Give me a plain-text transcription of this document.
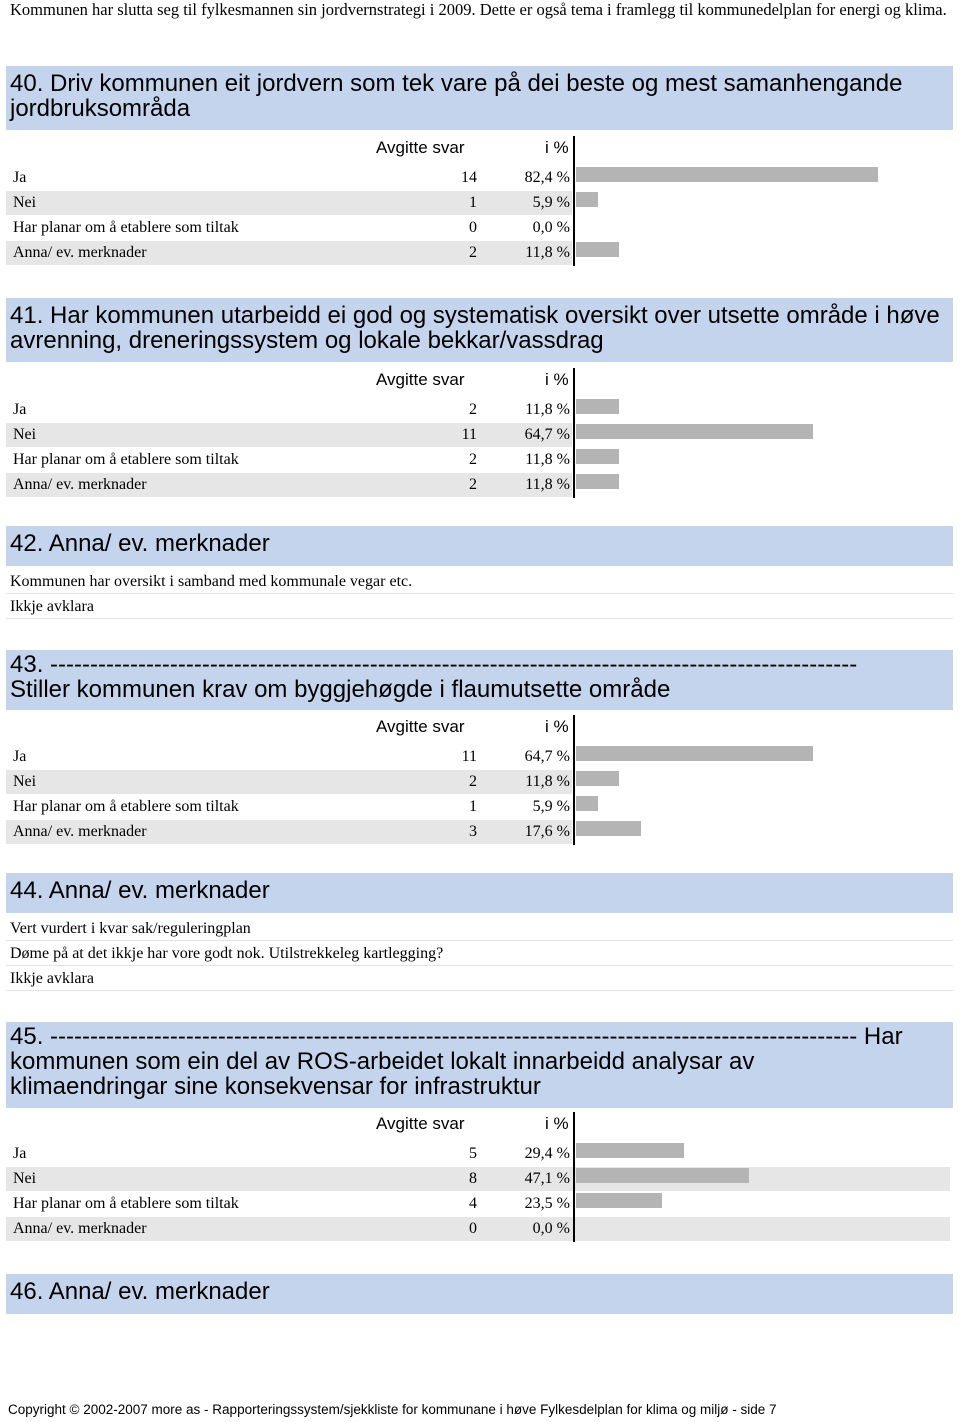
Kommunen har slutta seg til fylkesmannen sin jordvernstrategi i 2009. Dette er også tema i framlegg til kommunedelplan for energi og klima.
40. Driv kommunen eit jordvern som tek vare på dei beste og mest samanhengande jordbruksområda
Avgitte svar	i %
Ja	14	82,4 %
Nei	1	5,9 %
Har planar om å etablere som tiltak	0	0,0 %
Anna/ ev. merknader	2	11,8 %
41. Har kommunen utarbeidd ei god og systematisk oversikt over utsette område i høve avrenning, dreneringssystem og lokale bekkar/vassdrag
Avgitte svar	i %
Ja	2	11,8 %
Nei	11	64,7 %
Har planar om å etablere som tiltak	2	11,8 %
Anna/ ev. merknader	2	11,8 %
42. Anna/ ev. merknader
Kommunen har oversikt i samband med kommunale vegar etc.
Ikkje avklara
43. -----------------------------------------------------------------------------------------------------
Stiller kommunen krav om byggjehøgde i flaumutsette område
Avgitte svar	i %
Ja	11	64,7 %
Nei	2	11,8 %
Har planar om å etablere som tiltak	1	5,9 %
Anna/ ev. merknader	3	17,6 %
44. Anna/ ev. merknader
Vert vurdert i kvar sak/reguleringplan
Døme på at det ikkje har vore godt nok. Utilstrekkeleg kartlegging?
Ikkje avklara
45. ----------------------------------------------------------------------------------------------------- Har
kommunen som ein del av ROS-arbeidet lokalt innarbeidd analysar av
klimaendringar sine konsekvensar for infrastruktur
Avgitte svar	i %
Ja	5	29,4 %
Nei	8	47,1 %
Har planar om å etablere som tiltak	4	23,5 %
Anna/ ev. merknader	0	0,0 %
46. Anna/ ev. merknader
Copyright © 2002-2007 more as - Rapporteringssystem/sjekkliste for kommunane i høve Fylkesdelplan for klima og miljø - side 7
